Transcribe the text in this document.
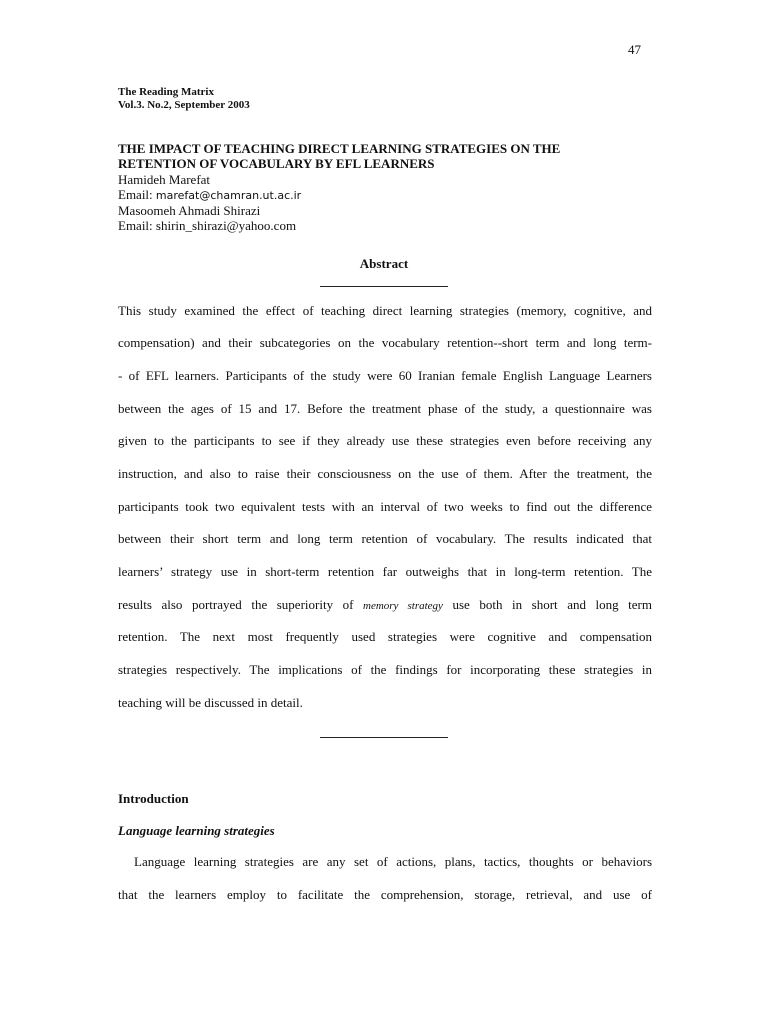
47
The Reading Matrix
Vol.3. No.2, September 2003
THE IMPACT OF TEACHING DIRECT LEARNING STRATEGIES ON THE
RETENTION OF VOCABULARY BY EFL LEARNERS
Hamideh Marefat
Email: marefat@chamran.ut.ac.ir
Masoomeh Ahmadi Shirazi
Email: shirin_shirazi@yahoo.com
Abstract
This study examined the effect of teaching direct learning strategies (memory, cognitive, and
compensation) and their subcategories on the vocabulary retention--short term and long term-
- of EFL learners. Participants of the study were 60 Iranian female English Language Learners
between the ages of 15 and 17. Before the treatment phase of the study, a questionnaire was
given to the participants to see if they already use these strategies even before receiving any
instruction, and also to raise their consciousness on the use of them. After the treatment, the
participants took two equivalent tests with an interval of two weeks to find out the difference
between their short term and long term retention of vocabulary. The results indicated that
learners’ strategy use in short-term retention far outweighs that in long-term retention. The
results also portrayed the superiority of memory strategy use both in short and long term
retention. The next most frequently used strategies were cognitive and compensation
strategies respectively. The implications of the findings for incorporating these strategies in
teaching will be discussed in detail.
Introduction
Language learning strategies
Language learning strategies are any set of actions, plans, tactics, thoughts or behaviors
that the learners employ to facilitate the comprehension, storage, retrieval, and use of
